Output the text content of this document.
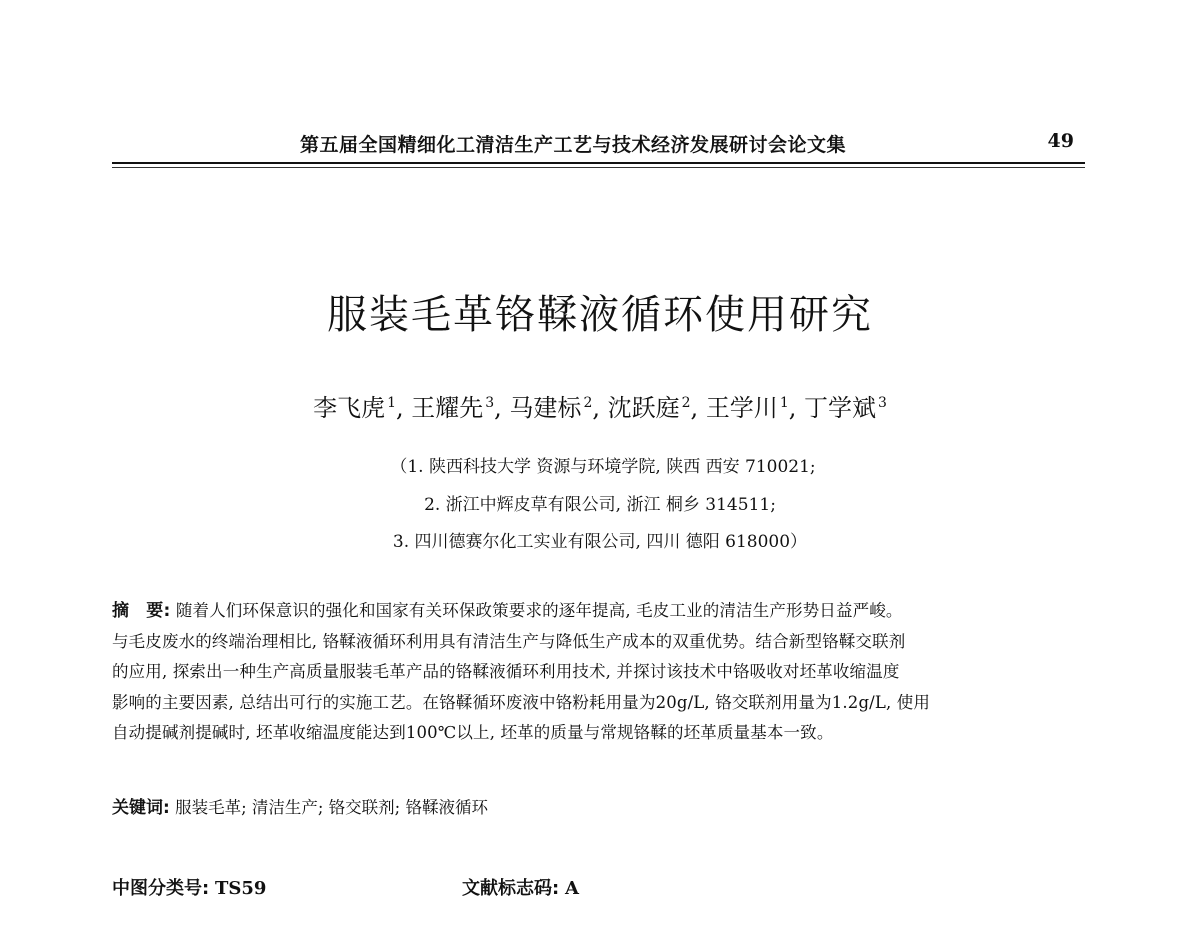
第五届全国精细化工清洁生产工艺与技术经济发展研讨会论文集	49
服装毛革铬鞣液循环使用研究
李飞虎 $^1$, 王耀先 $^3$, 马建标 $^2$, 沈跃庭 $^2$, 王学川 $^1$, 丁学斌 $^3$
（1. 陕西科技大学 资源与环境学院, 陕西 西安 710021;
2. 浙江中辉皮草有限公司, 浙江 桐乡 314511;
3. 四川德赛尔化工实业有限公司, 四川 德阳 618000）
摘　要: 随着人们环保意识的强化和国家有关环保政策要求的逐年提高, 毛皮工业的清洁生产形势日益严峻。
与毛皮废水的终端治理相比, 铬鞣液循环利用具有清洁生产与降低生产成本的双重优势。结合新型铬鞣交联剂
的应用, 探索出一种生产高质量服装毛革产品的铬鞣液循环利用技术, 并探讨该技术中铬吸收对坯革收缩温度
影响的主要因素, 总结出可行的实施工艺。在铬鞣循环废液中铬粉耗用量为20g/L, 铬交联剂用量为1.2g/L, 使用
自动提碱剂提碱时, 坯革收缩温度能达到100℃以上, 坯革的质量与常规铬鞣的坯革质量基本一致。
关键词: 服装毛革; 清洁生产; 铬交联剂; 铬鞣液循环
中图分类号: TS59	文献标志码: A
